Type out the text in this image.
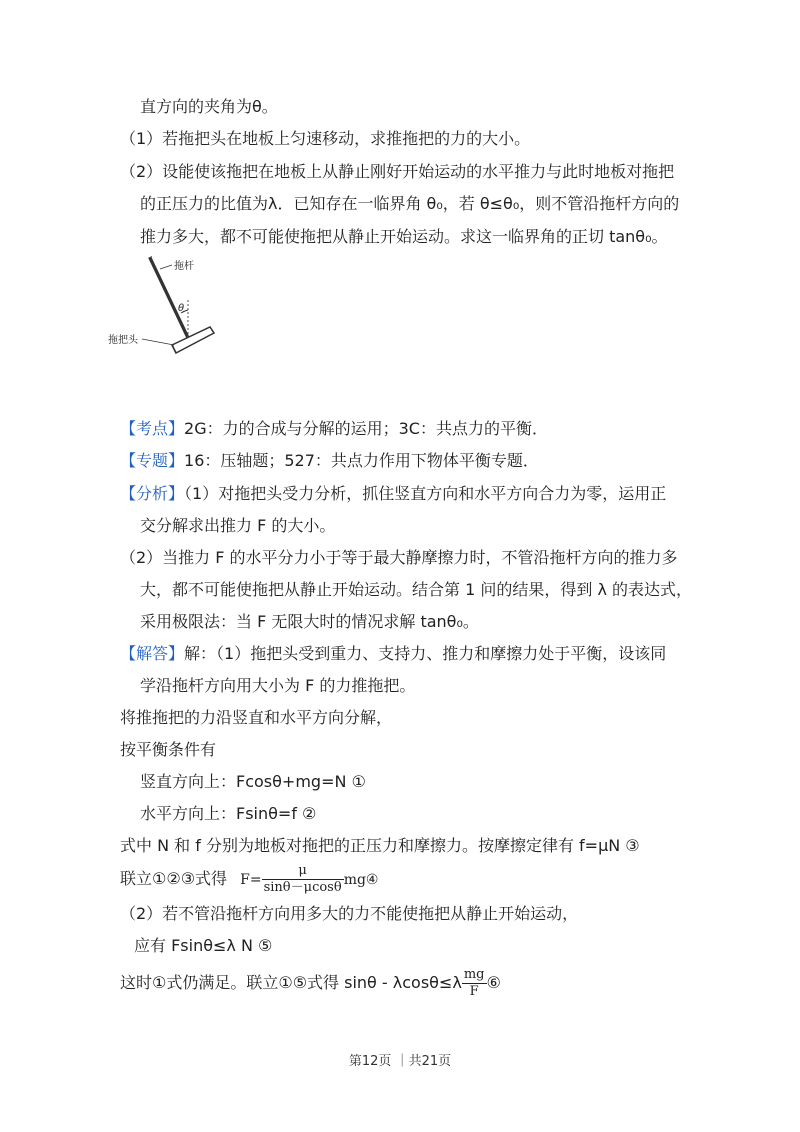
直方向的夹角为θ。
（1）若拖把头在地板上匀速移动，求推拖把的力的大小。
（2）设能使该拖把在地板上从静止刚好开始运动的水平推力与此时地板对拖把
的正压力的比值为λ．已知存在一临界角 θ₀，若 θ≤θ₀，则不管沿拖杆方向的
推力多大，都不可能使拖把从静止开始运动。求这一临界角的正切 tanθ₀。
拖杆
θ
拖把头
【考点】2G：力的合成与分解的运用；3C：共点力的平衡．
【专题】16：压轴题；527：共点力作用下物体平衡专题．
【分析】（1）对拖把头受力分析，抓住竖直方向和水平方向合力为零，运用正
交分解求出推力 F 的大小。
（2）当推力 F 的水平分力小于等于最大静摩擦力时，不管沿拖杆方向的推力多
大，都不可能使拖把从静止开始运动。结合第 1 问的结果，得到 λ 的表达式，
采用极限法：当 F 无限大时的情况求解 tanθ₀。
【解答】解：（1）拖把头受到重力、支持力、推力和摩擦力处于平衡，设该同
学沿拖杆方向用大小为 F 的力推拖把。
将推拖把的力沿竖直和水平方向分解，
按平衡条件有
竖直方向上：Fcosθ+mg=N ①
水平方向上：Fsinθ=f ②
式中 N 和 f 分别为地板对拖把的正压力和摩擦力。按摩擦定律有 f=μN ③
联立①②③式得 $F= \frac{\mu}{\sin\theta-\mu\cos\theta}$ mg④
（2）若不管沿拖杆方向用多大的力不能使拖把从静止开始运动，
应有 Fsinθ≤λ N ⑤
这时①式仍满足。联立①⑤式得 $\sin\theta - \lambda\cos\theta\le\lambda \frac{mg}{F}$ ⑥
第12页 ｜共21页
